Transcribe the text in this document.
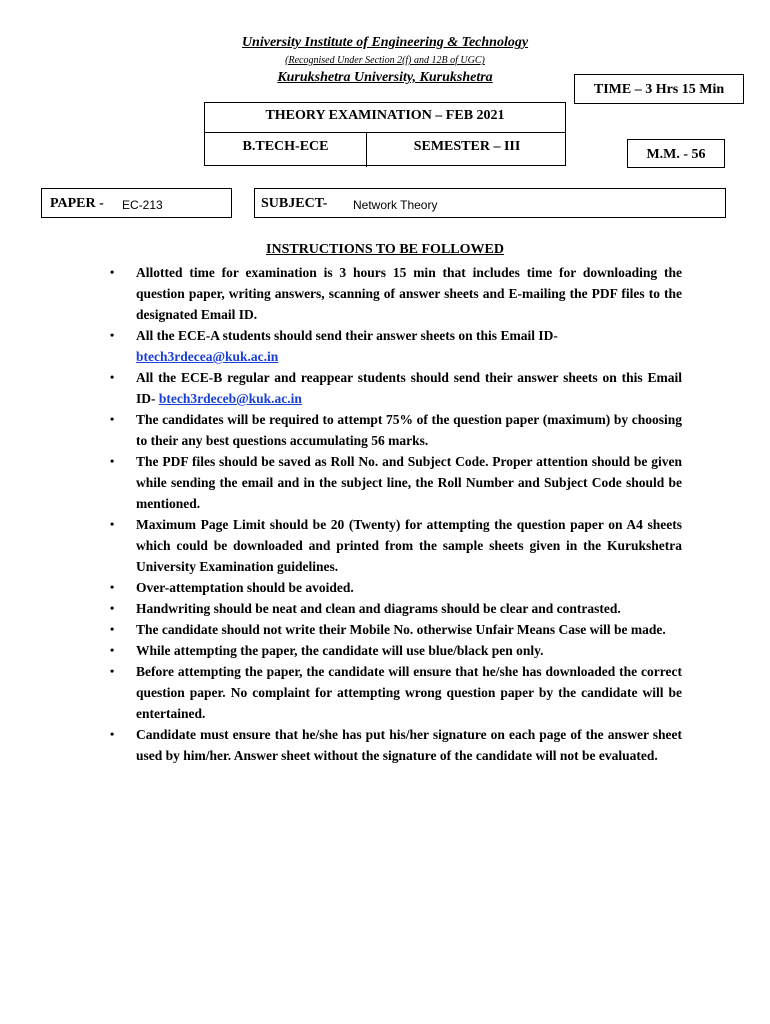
University Institute of Engineering & Technology
(Recognised Under Section 2(f) and 12B of UGC)
Kurukshetra University, Kurukshetra
TIME – 3 Hrs 15 Min
THEORY EXAMINATION – FEB 2021
B.TECH-ECE	SEMESTER – III
M.M. - 56
PAPER - EC-213	SUBJECT- Network Theory
INSTRUCTIONS TO BE FOLLOWED
• Allotted time for examination is 3 hours 15 min that includes time for downloading the question paper, writing answers, scanning of answer sheets and E-mailing the PDF files to the designated Email ID.
• All the ECE-A students should send their answer sheets on this Email ID-
btech3rdecea@kuk.ac.in
• All the ECE-B regular and reappear students should send their answer sheets on this Email ID- btech3rdeceb@kuk.ac.in
• The candidates will be required to attempt 75% of the question paper (maximum) by choosing to their any best questions accumulating 56 marks.
• The PDF files should be saved as Roll No. and Subject Code. Proper attention should be given while sending the email and in the subject line, the Roll Number and Subject Code should be mentioned.
• Maximum Page Limit should be 20 (Twenty) for attempting the question paper on A4 sheets which could be downloaded and printed from the sample sheets given in the Kurukshetra University Examination guidelines.
• Over-attemptation should be avoided.
• Handwriting should be neat and clean and diagrams should be clear and contrasted.
• The candidate should not write their Mobile No. otherwise Unfair Means Case will be made.
• While attempting the paper, the candidate will use blue/black pen only.
• Before attempting the paper, the candidate will ensure that he/she has downloaded the correct question paper. No complaint for attempting wrong question paper by the candidate will be entertained.
• Candidate must ensure that he/she has put his/her signature on each page of the answer sheet used by him/her. Answer sheet without the signature of the candidate will not be evaluated.
